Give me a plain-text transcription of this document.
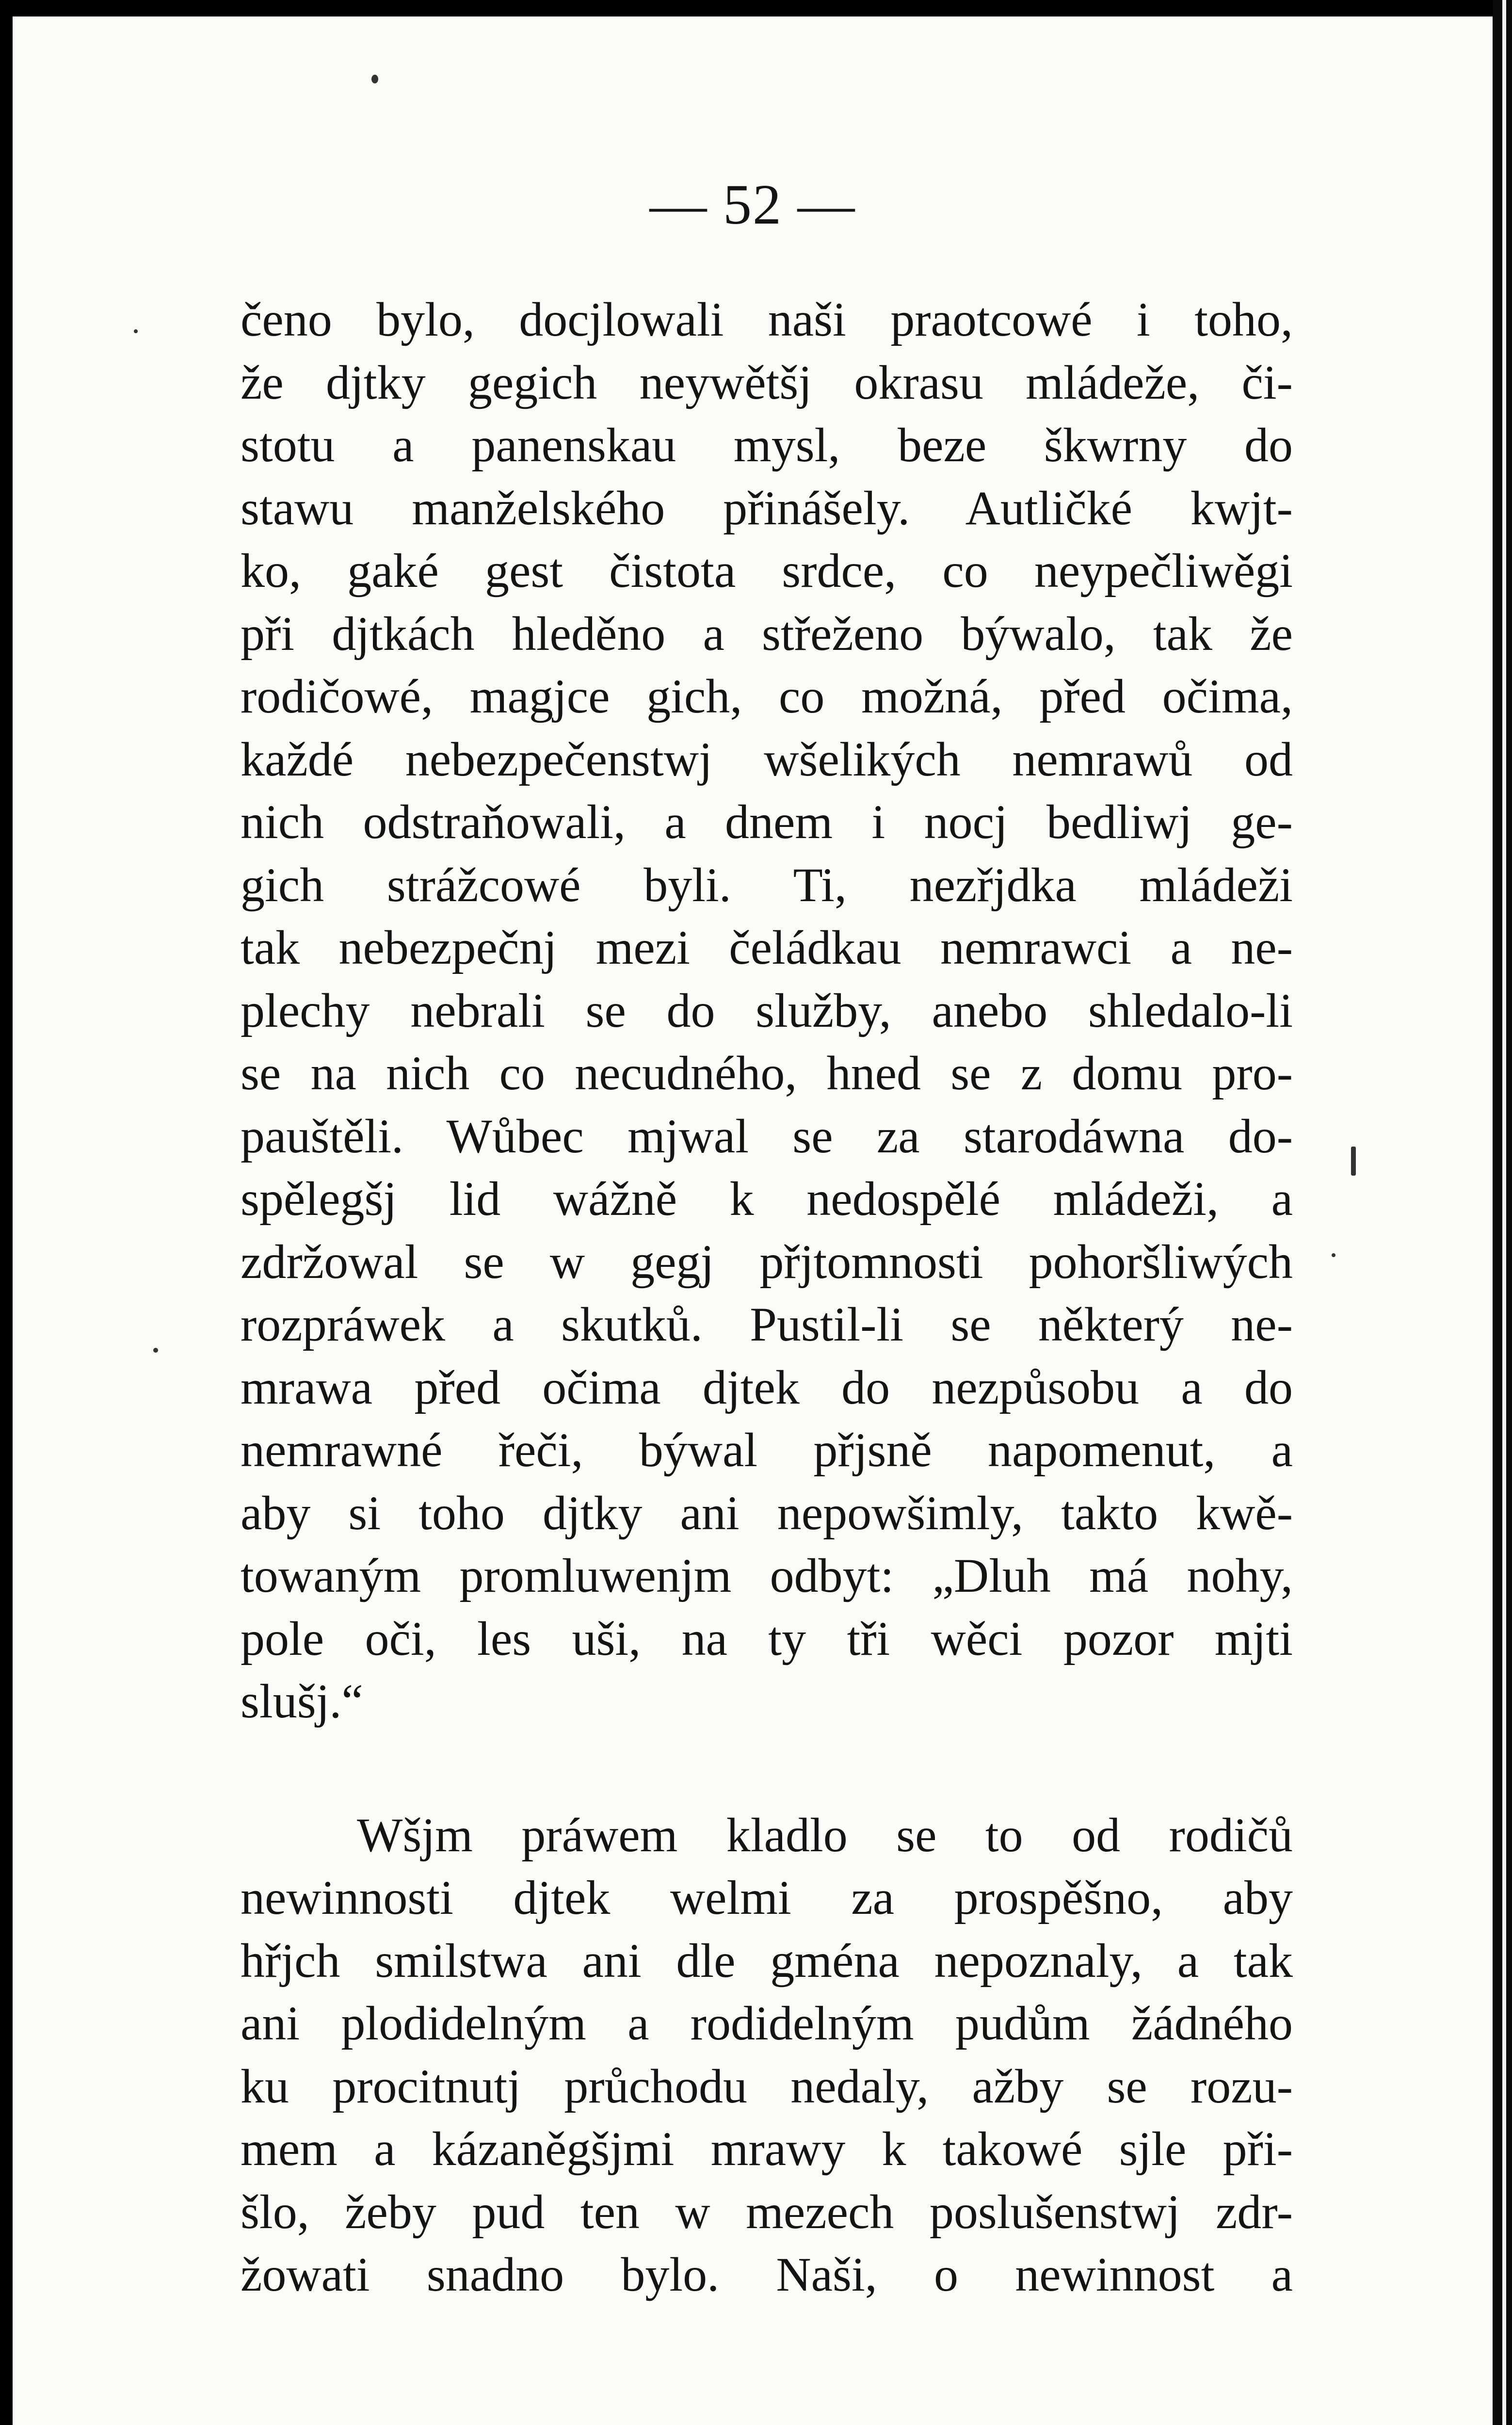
— 52 —
čeno bylo, docjlowali naši praotcowé i toho,
že djtky gegich neywětšj okrasu mládeže, či-
stotu a panenskau mysl, beze škwrny do
stawu manželského přinášely. Autličké kwjt-
ko, gaké gest čistota srdce, co neypečliwěgi
při djtkách hleděno a střeženo býwalo, tak že
rodičowé, magjce gich, co možná, před očima,
každé nebezpečenstwj wšelikých nemrawů od
nich odstraňowali, a dnem i nocj bedliwj ge-
gich strážcowé byli. Ti, nezřjdka mládeži
tak nebezpečnj mezi čeládkau nemrawci a ne-
plechy nebrali se do služby, anebo shledalo-li
se na nich co necudného, hned se z domu pro-
pauštěli. Wůbec mjwal se za starodáwna do-
spělegšj lid wážně k nedospělé mládeži, a
zdržowal se w gegj přjtomnosti pohoršliwých
rozpráwek a skutků. Pustil-li se některý ne-
mrawa před očima djtek do nezpůsobu a do
nemrawné řeči, býwal přjsně napomenut, a
aby si toho djtky ani nepowšimly, takto kwě-
towaným promluwenjm odbyt: „Dluh má nohy,
pole oči, les uši, na ty tři wěci pozor mjti
slušj.“
Wšjm práwem kladlo se to od rodičů
newinnosti djtek welmi za prospěšno, aby
hřjch smilstwa ani dle gména nepoznaly, a tak
ani plodidelným a rodidelným pudům žádného
ku procitnutj průchodu nedaly, ažby se rozu-
mem a kázaněgšjmi mrawy k takowé sjle při-
šlo, žeby pud ten w mezech poslušenstwj zdr-
žowati snadno bylo. Naši, o newinnost a
